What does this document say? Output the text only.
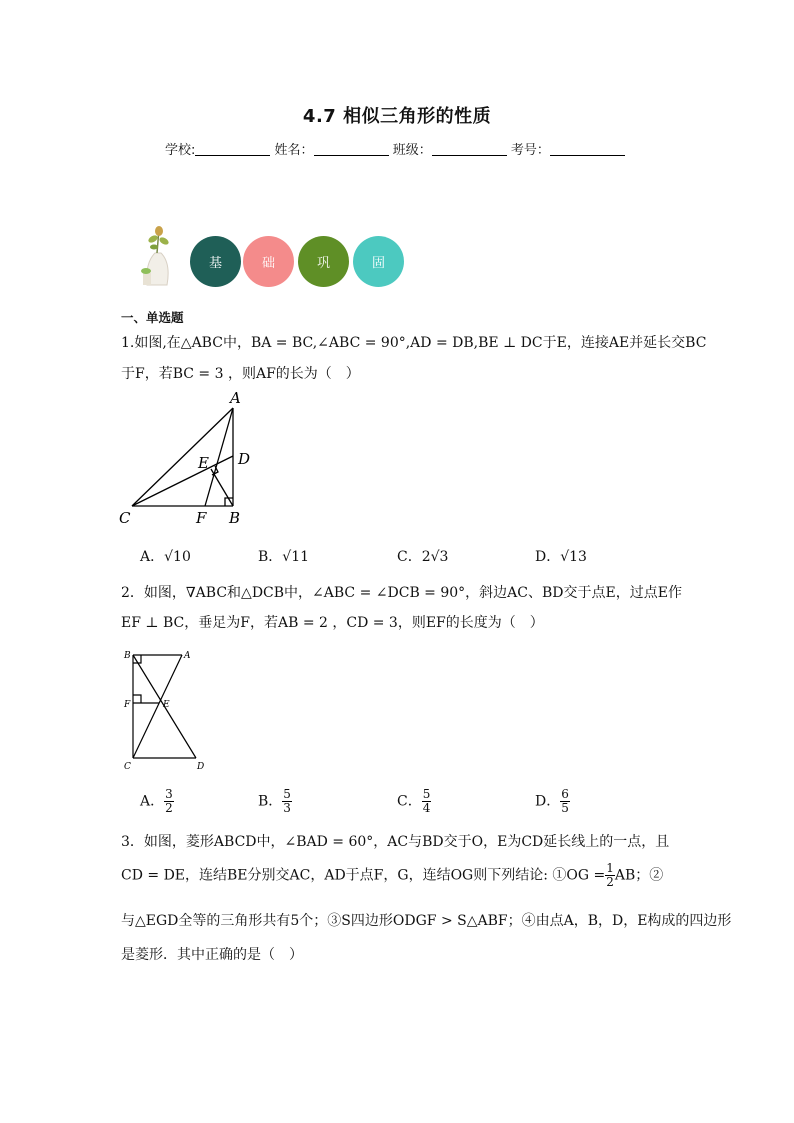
4.7 相似三角形的性质
学校:	姓名：	班级：	考号：
基	础	巩	固
一、单选题
1.如图,在△ABC中，BA = BC,∠ABC = 90°,AD = DB,BE ⊥ DC于E，连接AE并延长交BC
于F，若BC = 3 ，则AF的长为（　）
A
D
E
C	F B
A．√10	B．√11	C．2√3	D．√13
2．如图，∇ABC和△DCB中，∠ABC = ∠DCB = 90°，斜边AC、BD交于点E，过点E作
EF ⊥ BC，垂足为F，若AB = 2 ，CD = 3，则EF的长度为（　）
B	A
F	E
C	D
A． $\frac{3}{2}$	B． $\frac{5}{3}$	C． $\frac{5}{4}$	D． $\frac{6}{5}$
3．如图，菱形ABCD中，∠BAD = 60°，AC与BD交于O，E为CD延长线上的一点，且
CD = DE，连结BE分别交AC，AD于点F，G，连结OG则下列结论: ①OG = $\frac{1}{2}$ AB；②
与△EGD全等的三角形共有5个；③S四边形ODGF > S△ABF；④由点A，B，D，E构成的四边形
是菱形．其中正确的是（　）
